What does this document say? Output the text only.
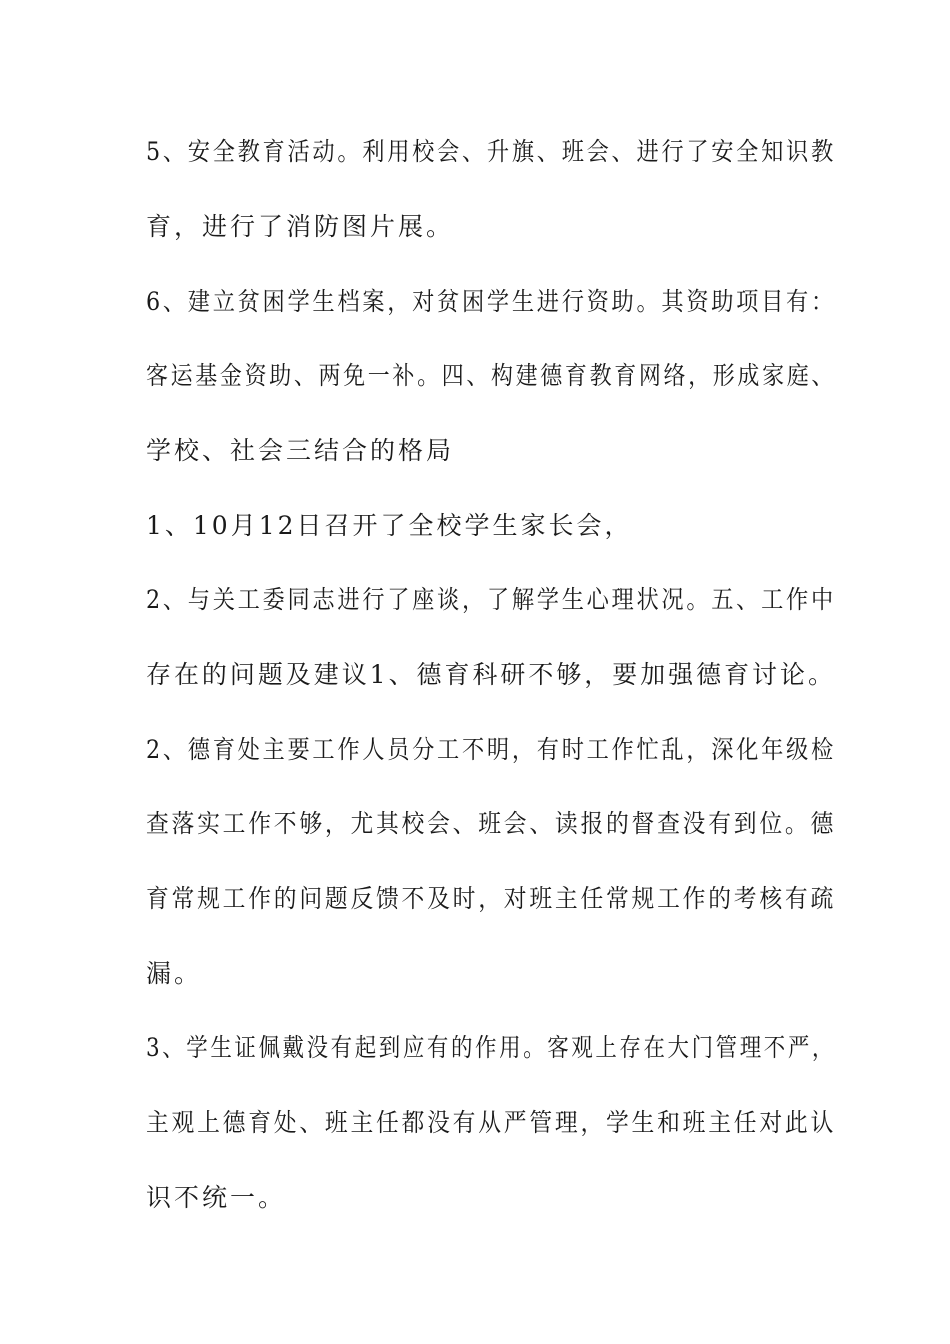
5、安全教育活动。利用校会、升旗、班会、进行了安全知识教
育，进行了消防图片展。
6、建立贫困学生档案，对贫困学生进行资助。其资助项目有：
客运基金资助、两免一补。四、构建德育教育网络，形成家庭、
学校、社会三结合的格局
1、10月12日召开了全校学生家长会，
2、与关工委同志进行了座谈，了解学生心理状况。五、工作中
存在的问题及建议1、德育科研不够，要加强德育讨论。
2、德育处主要工作人员分工不明，有时工作忙乱，深化年级检
查落实工作不够，尤其校会、班会、读报的督查没有到位。德
育常规工作的问题反馈不及时，对班主任常规工作的考核有疏
漏。
3、学生证佩戴没有起到应有的作用。客观上存在大门管理不严，
主观上德育处、班主任都没有从严管理，学生和班主任对此认
识不统一。
